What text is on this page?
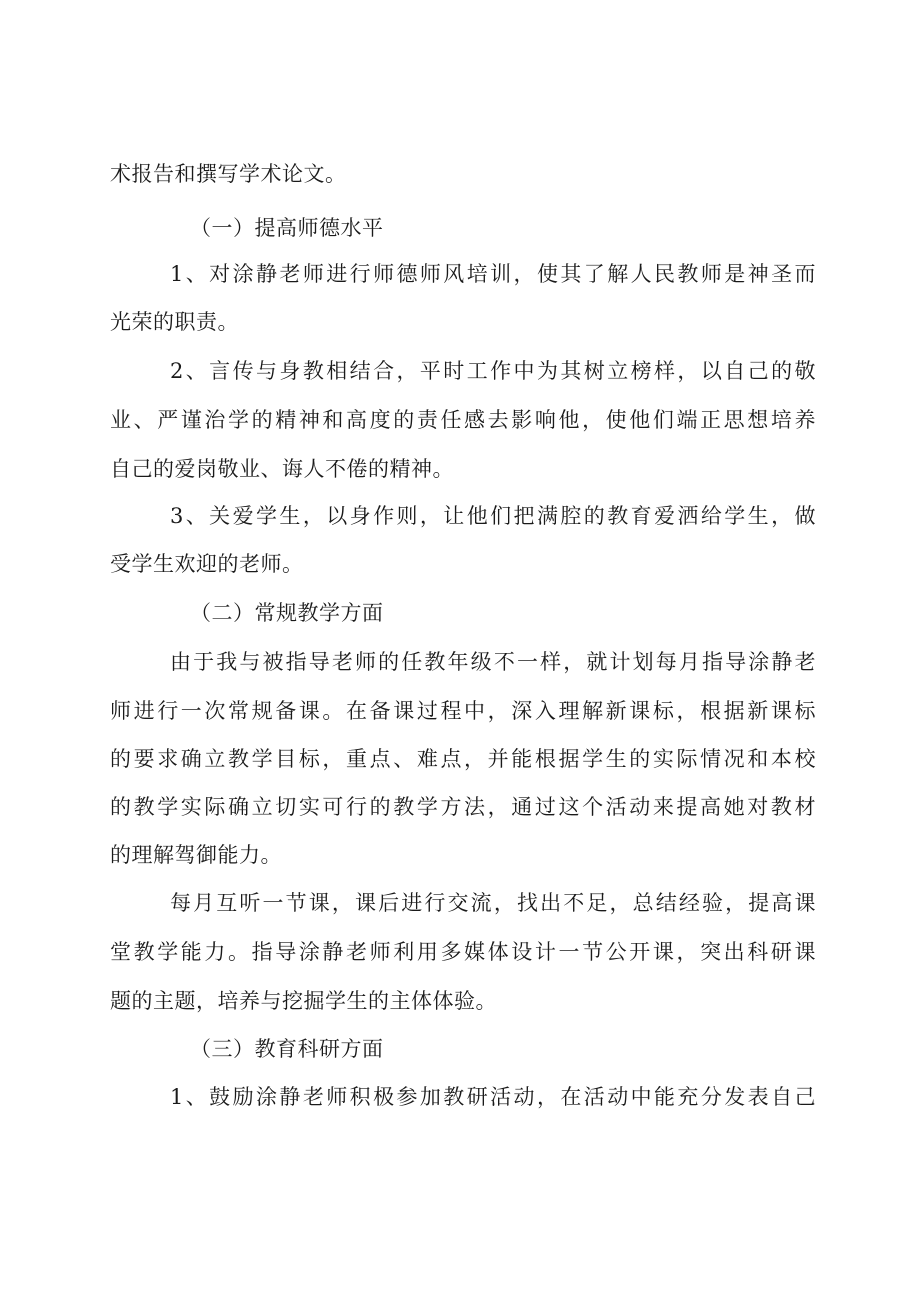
术报告和撰写学术论文。
（一）提高师德水平
1、对涂静老师进行师德师风培训，使其了解人民教师是神圣而
光荣的职责。
2、言传与身教相结合，平时工作中为其树立榜样，以自己的敬
业、严谨治学的精神和高度的责任感去影响他，使他们端正思想培养
自己的爱岗敬业、诲人不倦的精神。
3、关爱学生，以身作则，让他们把满腔的教育爱洒给学生，做
受学生欢迎的老师。
（二）常规教学方面
由于我与被指导老师的任教年级不一样，就计划每月指导涂静老
师进行一次常规备课。在备课过程中，深入理解新课标，根据新课标
的要求确立教学目标，重点、难点，并能根据学生的实际情况和本校
的教学实际确立切实可行的教学方法，通过这个活动来提高她对教材
的理解驾御能力。
每月互听一节课，课后进行交流，找出不足，总结经验，提高课
堂教学能力。指导涂静老师利用多媒体设计一节公开课，突出科研课
题的主题，培养与挖掘学生的主体体验。
（三）教育科研方面
1、鼓励涂静老师积极参加教研活动，在活动中能充分发表自己
